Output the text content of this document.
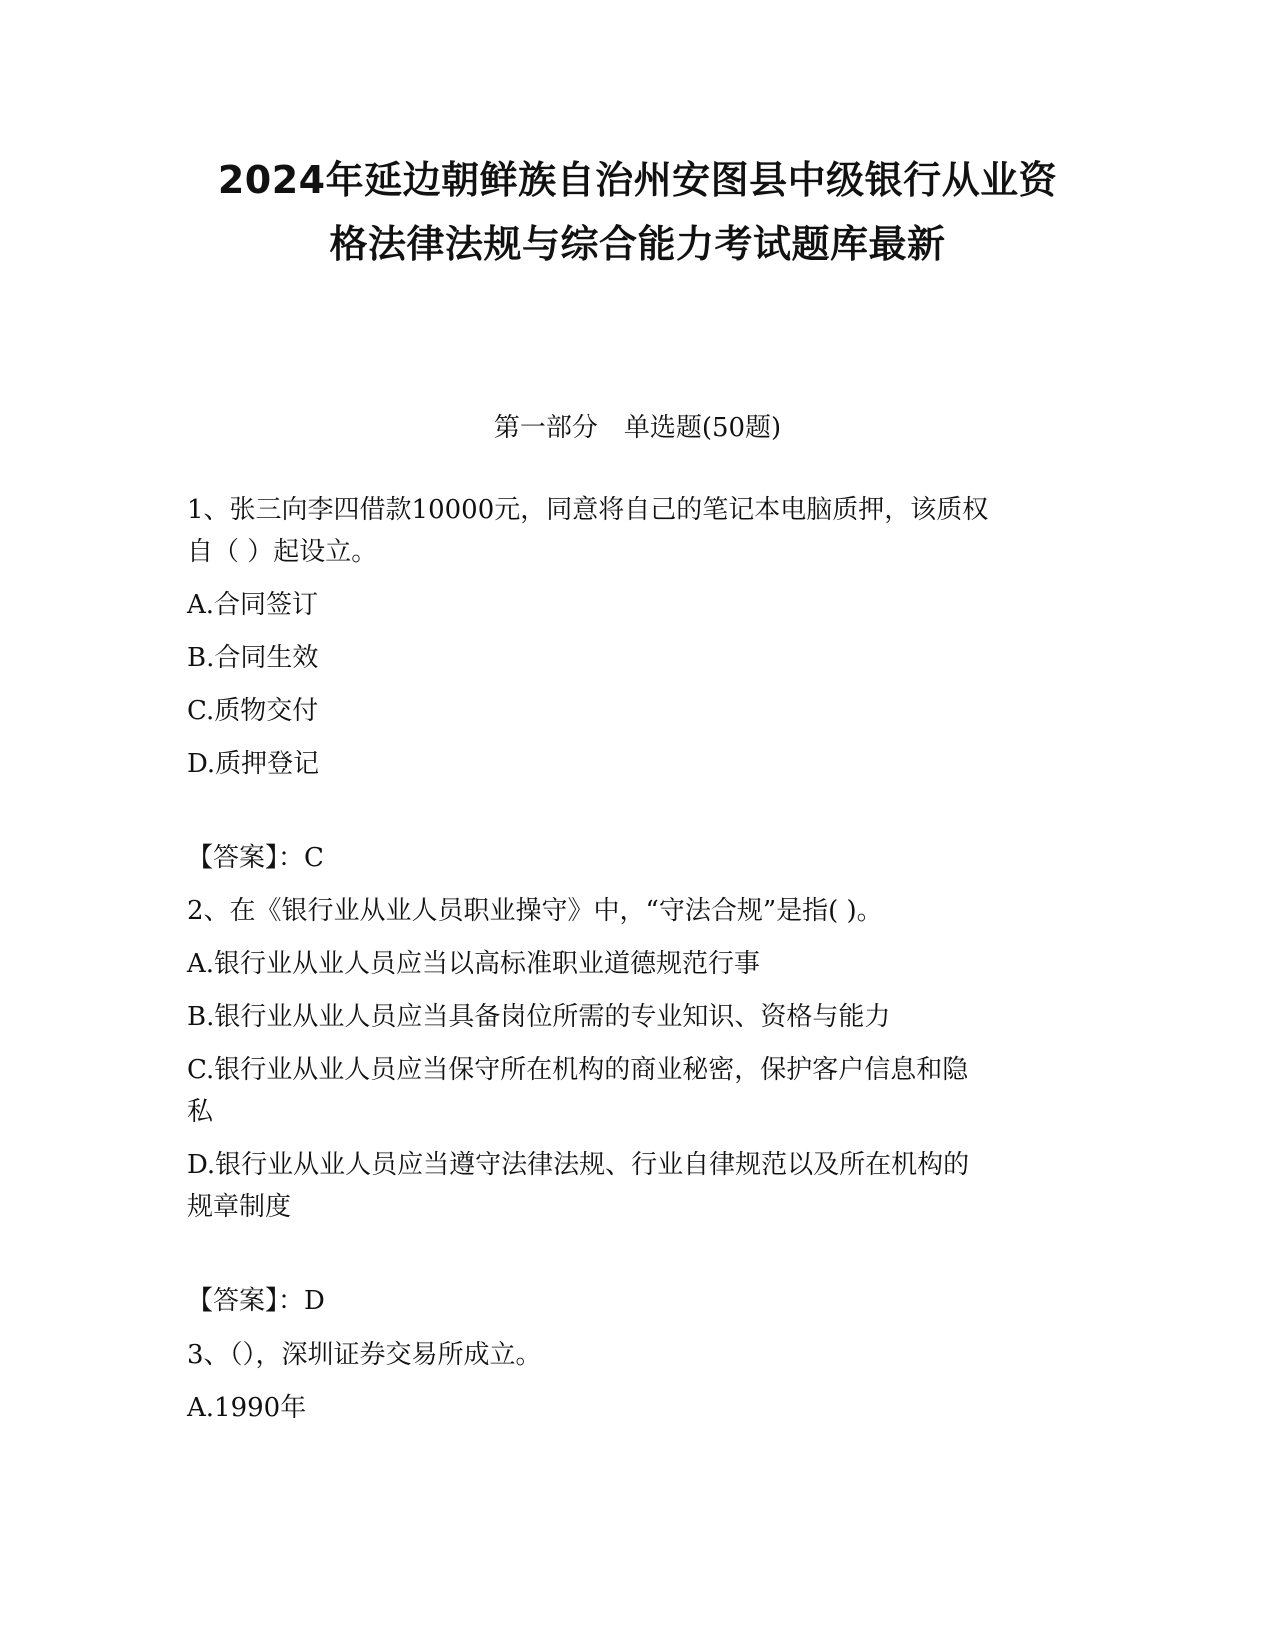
2024年延边朝鲜族自治州安图县中级银行从业资
格法律法规与综合能力考试题库最新
第一部分　单选题(50题)
1、张三向李四借款10000元，同意将自己的笔记本电脑质押，该质权
自（ ）起设立。
A.合同签订
B.合同生效
C.质物交付
D.质押登记
【答案】：C
2、在《银行业从业人员职业操守》中，“守法合规”是指( )。
A.银行业从业人员应当以高标准职业道德规范行事
B.银行业从业人员应当具备岗位所需的专业知识、资格与能力
C.银行业从业人员应当保守所在机构的商业秘密，保护客户信息和隐
私
D.银行业从业人员应当遵守法律法规、行业自律规范以及所在机构的
规章制度
【答案】：D
3、（），深圳证券交易所成立。
A.1990年
